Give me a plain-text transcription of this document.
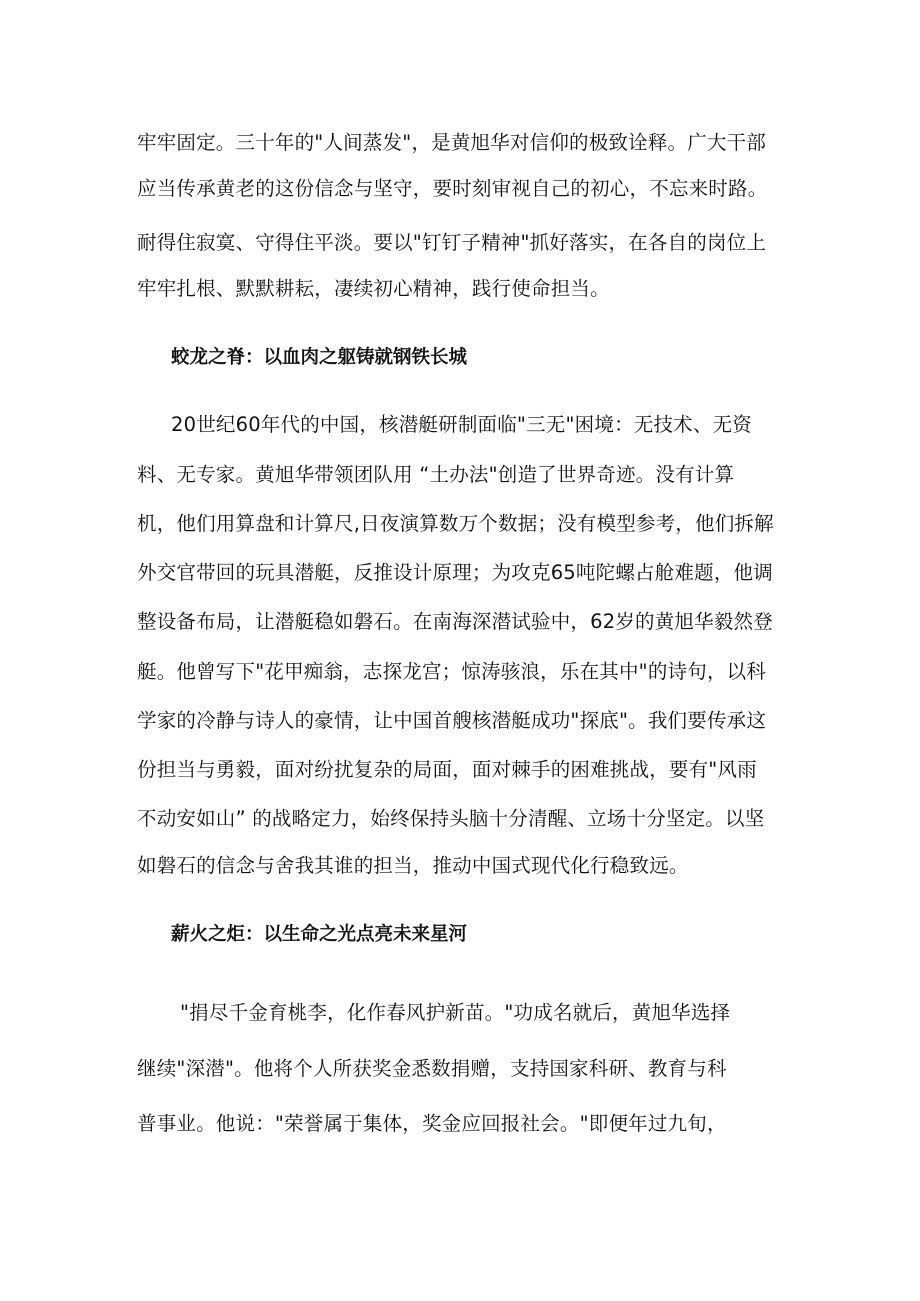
牢牢固定。三十年的"人间蒸发"，是黄旭华对信仰的极致诠释。广大干部
应当传承黄老的这份信念与坚守，要时刻审视自己的初心，不忘来时路。
耐得住寂寞、守得住平淡。要以"钉钉子精神"抓好落实，在各自的岗位上
牢牢扎根、默默耕耘，凄续初心精神，践行使命担当。
蛟龙之脊：以血肉之躯铸就钢铁长城
20世纪60年代的中国，核潜艇研制面临"三无"困境：无技术、无资
料、无专家。黄旭华带领团队用 “土办法"创造了世界奇迹。没有计算
机，他们用算盘和计算尺,日夜演算数万个数据；没有模型参考，他们拆解
外交官带回的玩具潜艇，反推设计原理；为攻克65吨陀螺占舱难题，他调
整设备布局，让潜艇稳如磐石。在南海深潜试验中，62岁的黄旭华毅然登
艇。他曾写下"花甲痴翁，志探龙宫；惊涛骇浪，乐在其中"的诗句，以科
学家的冷静与诗人的豪情，让中国首艘核潜艇成功"探底"。我们要传承这
份担当与勇毅，面对纷扰复杂的局面，面对棘手的困难挑战，要有"风雨
不动安如山” 的战略定力，始终保持头脑十分清醒、立场十分坚定。以坚
如磐石的信念与舍我其谁的担当，推动中国式现代化行稳致远。
薪火之炬：以生命之光点亮未来星河
"捐尽千金育桃李，化作春风护新苗。"功成名就后，黄旭华选择
继续"深潜"。他将个人所获奖金悉数捐赠，支持国家科研、教育与科
普事业。他说："荣誉属于集体，奖金应回报社会。"即便年过九旬，
